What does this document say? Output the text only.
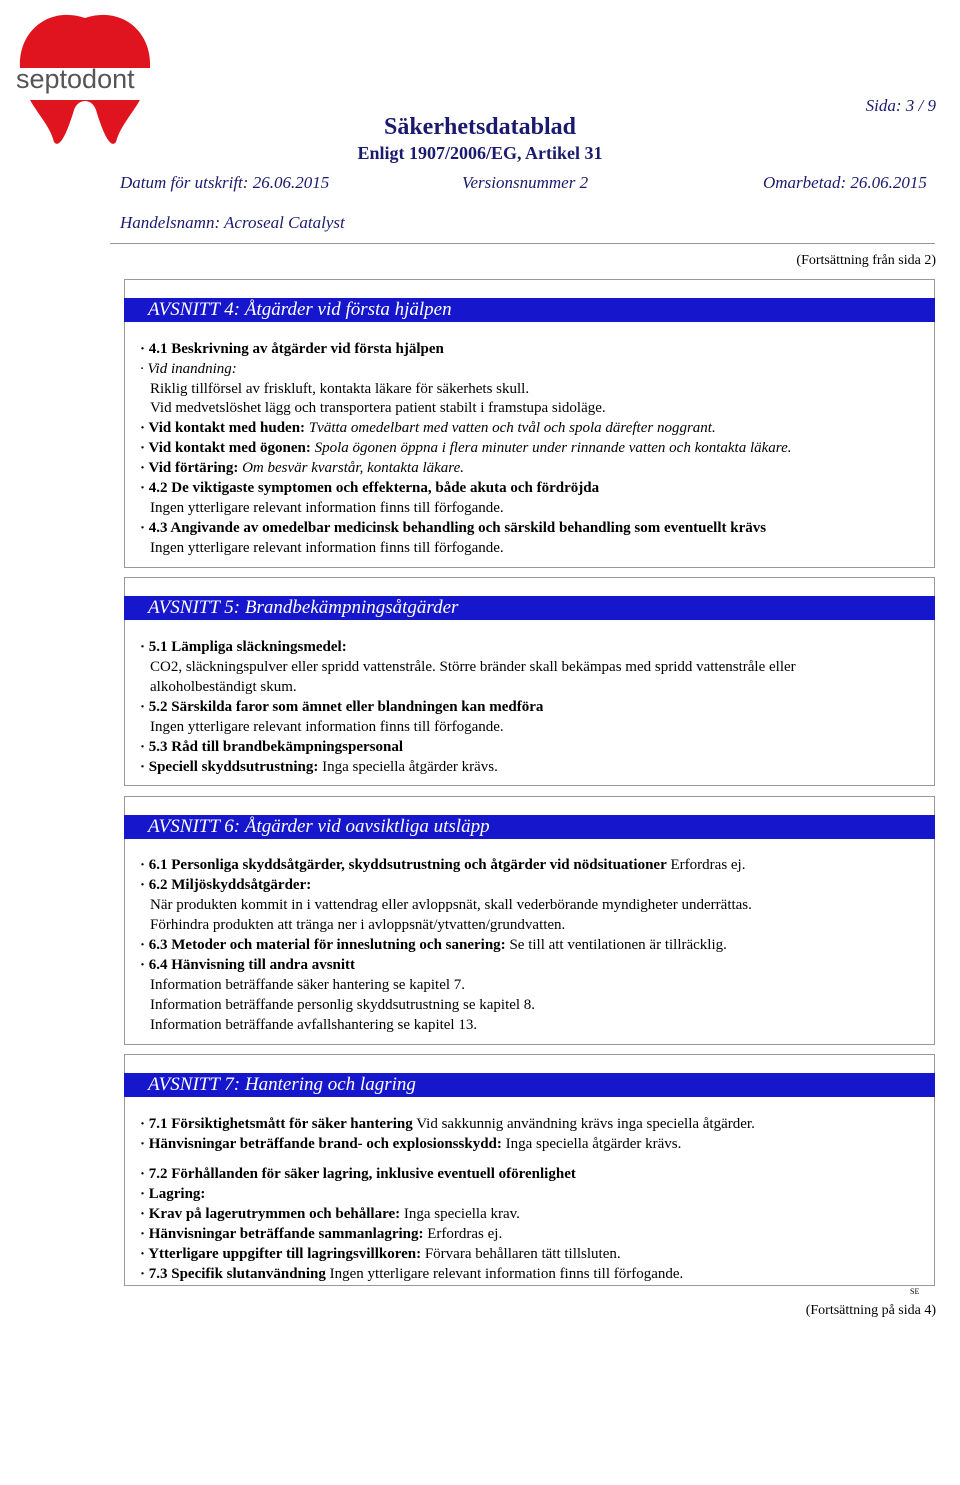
septodont
Sida: 3 / 9
Säkerhetsdatablad
Enligt 1907/2006/EG, Artikel 31
Datum för utskrift: 26.06.2015	Versionsnummer 2	Omarbetad: 26.06.2015
Handelsnamn: Acroseal Catalyst
(Fortsättning från sida 2)
AVSNITT 4: Åtgärder vid första hjälpen
· 4.1 Beskrivning av åtgärder vid första hjälpen
· Vid inandning:
Riklig tillförsel av friskluft, kontakta läkare för säkerhets skull.
Vid medvetslöshet lägg och transportera patient stabilt i framstupa sidoläge.
· Vid kontakt med huden: Tvätta omedelbart med vatten och tvål och spola därefter noggrant.
· Vid kontakt med ögonen: Spola ögonen öppna i flera minuter under rinnande vatten och kontakta läkare.
· Vid förtäring: Om besvär kvarstår, kontakta läkare.
· 4.2 De viktigaste symptomen och effekterna, både akuta och fördröjda
Ingen ytterligare relevant information finns till förfogande.
· 4.3 Angivande av omedelbar medicinsk behandling och särskild behandling som eventuellt krävs
Ingen ytterligare relevant information finns till förfogande.
AVSNITT 5: Brandbekämpningsåtgärder
· 5.1 Lämpliga släckningsmedel:
CO2, släckningspulver eller spridd vattenstråle. Större bränder skall bekämpas med spridd vattenstråle eller
alkoholbeständigt skum.
· 5.2 Särskilda faror som ämnet eller blandningen kan medföra
Ingen ytterligare relevant information finns till förfogande.
· 5.3 Råd till brandbekämpningspersonal
· Speciell skyddsutrustning: Inga speciella åtgärder krävs.
AVSNITT 6: Åtgärder vid oavsiktliga utsläpp
· 6.1 Personliga skyddsåtgärder, skyddsutrustning och åtgärder vid nödsituationer Erfordras ej.
· 6.2 Miljöskyddsåtgärder:
När produkten kommit in i vattendrag eller avloppsnät, skall vederbörande myndigheter underrättas.
Förhindra produkten att tränga ner i avloppsnät/ytvatten/grundvatten.
· 6.3 Metoder och material för inneslutning och sanering: Se till att ventilationen är tillräcklig.
· 6.4 Hänvisning till andra avsnitt
Information beträffande säker hantering se kapitel 7.
Information beträffande personlig skyddsutrustning se kapitel 8.
Information beträffande avfallshantering se kapitel 13.
AVSNITT 7: Hantering och lagring
· 7.1 Försiktighetsmått för säker hantering Vid sakkunnig användning krävs inga speciella åtgärder.
· Hänvisningar beträffande brand- och explosionsskydd: Inga speciella åtgärder krävs.
· 7.2 Förhållanden för säker lagring, inklusive eventuell oförenlighet
· Lagring:
· Krav på lagerutrymmen och behållare: Inga speciella krav.
· Hänvisningar beträffande sammanlagring: Erfordras ej.
· Ytterligare uppgifter till lagringsvillkoren: Förvara behållaren tätt tillsluten.
· 7.3 Specifik slutanvändning Ingen ytterligare relevant information finns till förfogande.
SE
(Fortsättning på sida 4)
